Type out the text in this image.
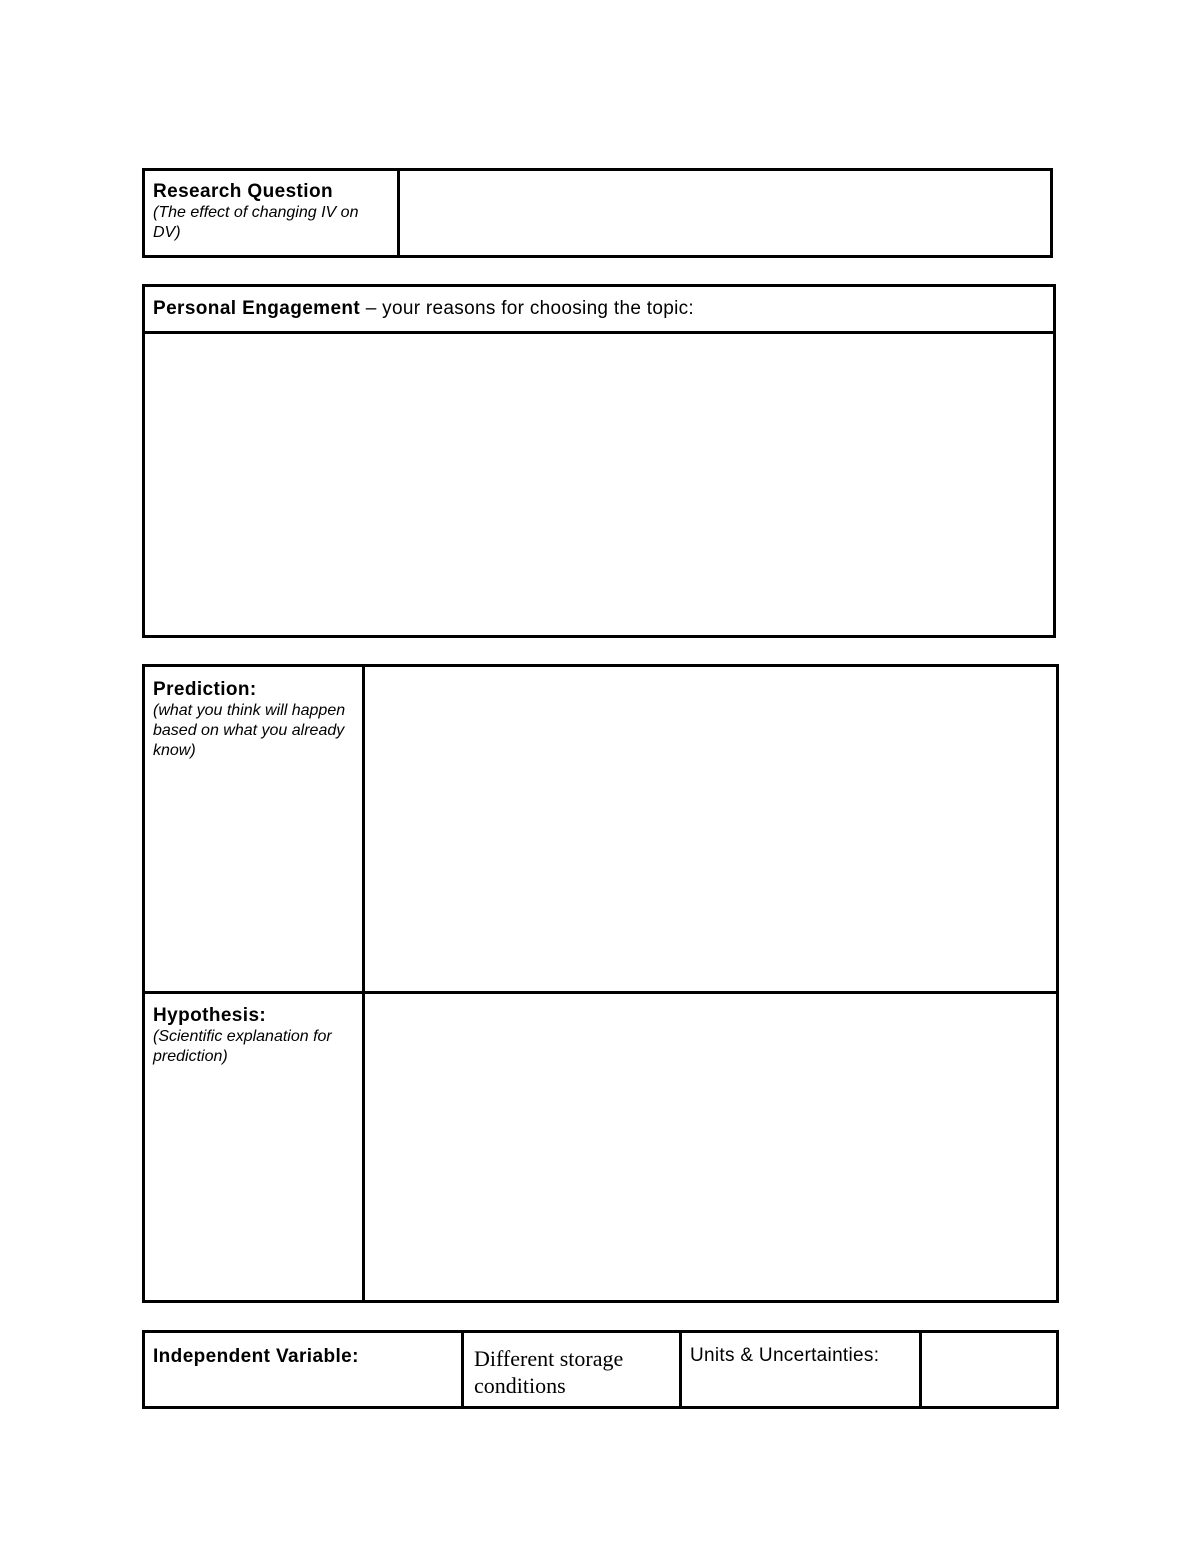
Research Question
(The effect of changing IV on DV)
Personal Engagement – your reasons for choosing the topic:
Prediction:
(what you think will happen based on what you already know)
Hypothesis:
(Scientific explanation for prediction)
Independent Variable:	Different storage conditions
Units & Uncertainties:
